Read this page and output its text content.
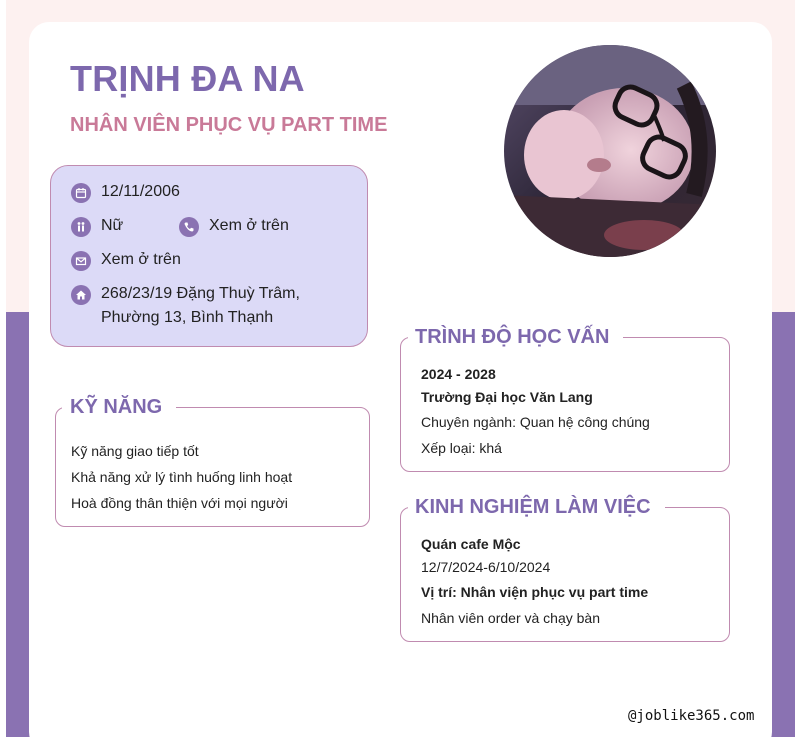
TRỊNH ĐA NA
NHÂN VIÊN PHỤC VỤ PART TIME
12/11/2006
Nữ	Xem ở trên
Xem ở trên
268/23/19 Đặng Thuỳ Trâm,
Phường 13, Bình Thạnh
KỸ NĂNG
Kỹ năng giao tiếp tốt
Khả năng xử lý tình huống linh hoạt
Hoà đồng thân thiện với mọi người
TRÌNH ĐỘ HỌC VẤN
2024 - 2028
Trường Đại học Văn Lang
Chuyên ngành: Quan hệ công chúng
Xếp loại: khá
KINH NGHIỆM LÀM VIỆC
Quán cafe Mộc
12/7/2024-6/10/2024
Vị trí: Nhân viện phục vụ part time
Nhân viên order và chạy bàn
@joblike365.com
